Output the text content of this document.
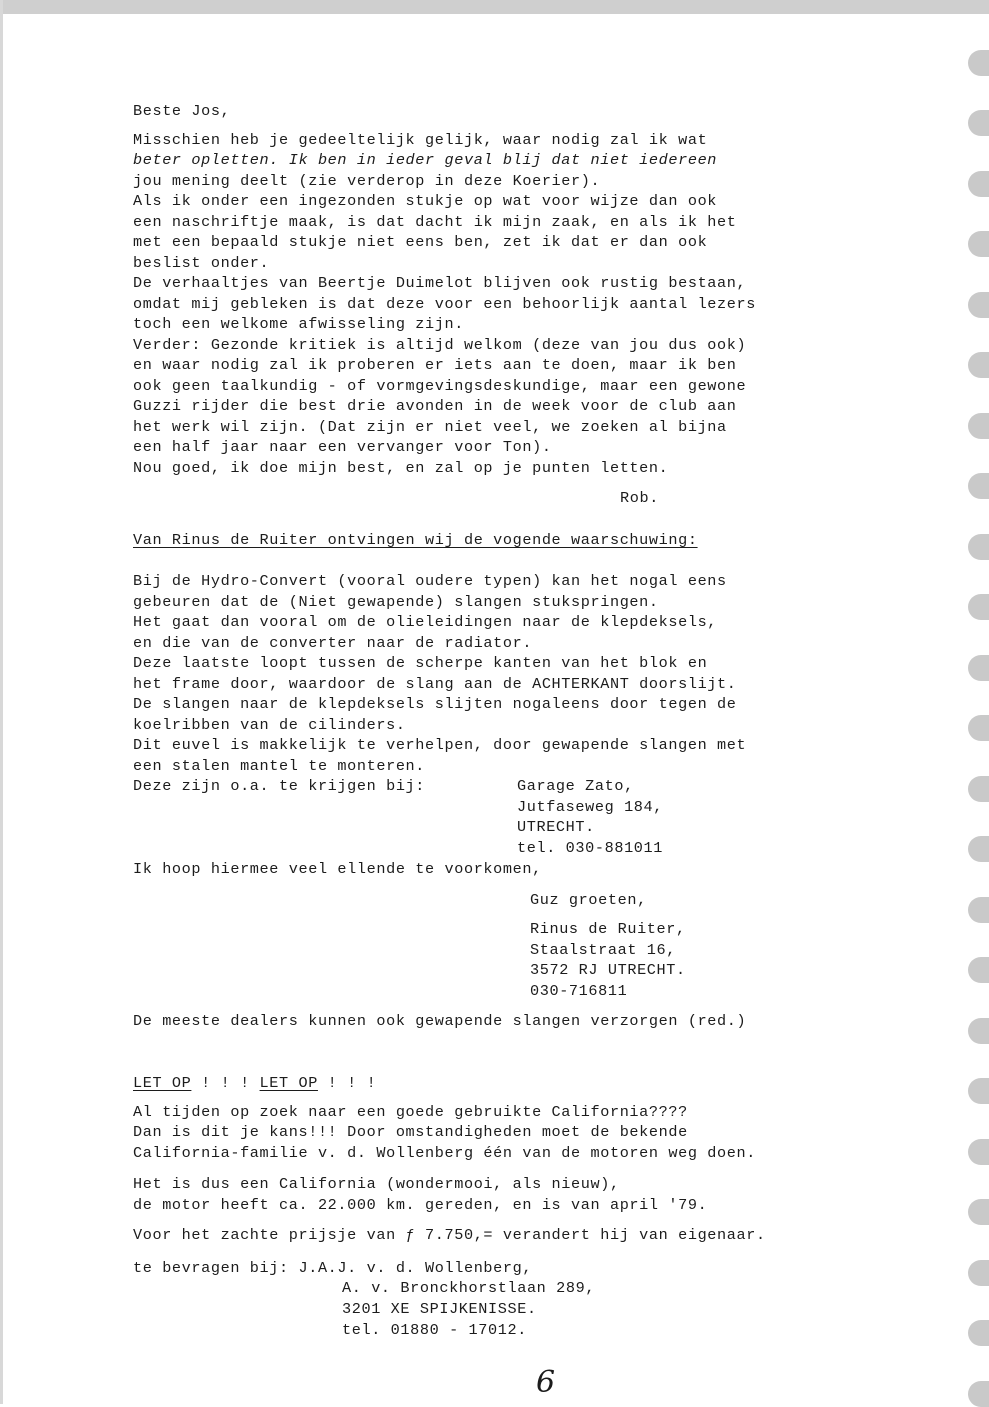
Beste Jos,
Misschien heb je gedeeltelijk gelijk, waar nodig zal ik wat
beter opletten. Ik ben in ieder geval blij dat niet iedereen
jou mening deelt (zie verderop in deze Koerier).
Als ik onder een ingezonden stukje op wat voor wijze dan ook
een naschriftje maak, is dat dacht ik mijn zaak, en als ik het
met een bepaald stukje niet eens ben, zet ik dat er dan ook
beslist onder.
De verhaaltjes van Beertje Duimelot blijven ook rustig bestaan,
omdat mij gebleken is dat deze voor een behoorlijk aantal lezers
toch een welkome afwisseling zijn.
Verder: Gezonde kritiek is altijd welkom (deze van jou dus ook)
en waar nodig zal ik proberen er iets aan te doen, maar ik ben
ook geen taalkundig - of vormgevingsdeskundige, maar een gewone
Guzzi rijder die best drie avonden in de week voor de club aan
het werk wil zijn. (Dat zijn er niet veel, we zoeken al bijna
een half jaar naar een vervanger voor Ton).
Nou goed, ik doe mijn best, en zal op je punten letten.
Rob.
Van Rinus de Ruiter ontvingen wij de vogende waarschuwing:
Bij de Hydro-Convert (vooral oudere typen) kan het nogal eens
gebeuren dat de (Niet gewapende) slangen stukspringen.
Het gaat dan vooral om de olieleidingen naar de klepdeksels,
en die van de converter naar de radiator.
Deze laatste loopt tussen de scherpe kanten van het blok en
het frame door, waardoor de slang aan de ACHTERKANT doorslijt.
De slangen naar de klepdeksels slijten nogaleens door tegen de
koelribben van de cilinders.
Dit euvel is makkelijk te verhelpen, door gewapende slangen met
een stalen mantel te monteren.
Deze zijn o.a. te krijgen bij:	Garage Zato,
Jutfaseweg 184,
UTRECHT.
tel. 030-881011
Ik hoop hiermee veel ellende te voorkomen,
Guz groeten,
Rinus de Ruiter,
Staalstraat 16,
3572 RJ UTRECHT.
030-716811
De meeste dealers kunnen ook gewapende slangen verzorgen (red.)
LET OP ! ! ! LET OP ! ! !
Al tijden op zoek naar een goede gebruikte California????
Dan is dit je kans!!! Door omstandigheden moet de bekende
California-familie v. d. Wollenberg één van de motoren weg doen.
Het is dus een California (wondermooi, als nieuw),
de motor heeft ca. 22.000 km. gereden, en is van april '79.
Voor het zachte prijsje van ƒ 7.750,= verandert hij van eigenaar.
te bevragen bij: J.A.J. v. d. Wollenberg,
A. v. Bronckhorstlaan 289,
3201 XE SPIJKENISSE.
tel. 01880 - 17012.
6
